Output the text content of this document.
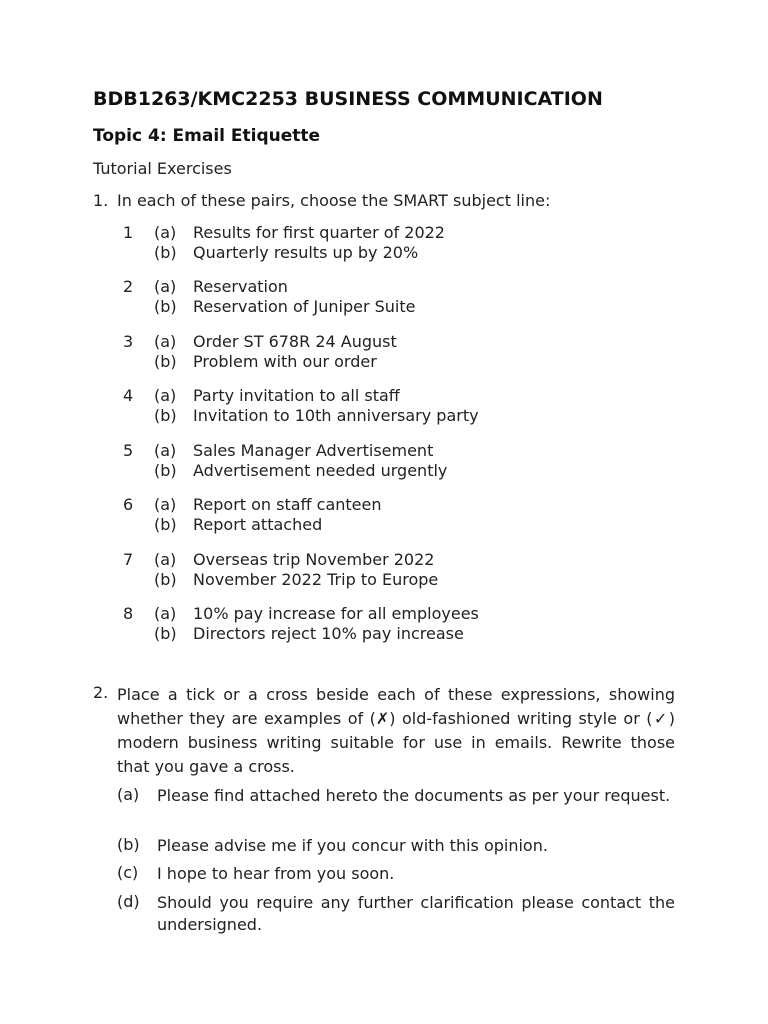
BDB1263/KMC2253 BUSINESS COMMUNICATION
Topic 4: Email Etiquette
Tutorial Exercises
1. In each of these pairs, choose the SMART subject line:
1 (a) Results for first quarter of 2022
(b) Quarterly results up by 20%
2 (a) Reservation
(b) Reservation of Juniper Suite
3 (a) Order ST 678R 24 August
(b) Problem with our order
4 (a) Party invitation to all staff
(b) Invitation to 10th anniversary party
5 (a) Sales Manager Advertisement
(b) Advertisement needed urgently
6 (a) Report on staff canteen
(b) Report attached
7 (a) Overseas trip November 2022
(b) November 2022 Trip to Europe
8 (a) 10% pay increase for all employees
(b) Directors reject 10% pay increase
2. Place a tick or a cross beside each of these expressions, showing whether they are examples of (✗) old-fashioned writing style or (✓) modern business writing suitable for use in emails. Rewrite those that you gave a cross.
(a) Please find attached hereto the documents as per your request.
(b) Please advise me if you concur with this opinion.
(c) I hope to hear from you soon.
(d) Should you require any further clarification please contact the undersigned.
